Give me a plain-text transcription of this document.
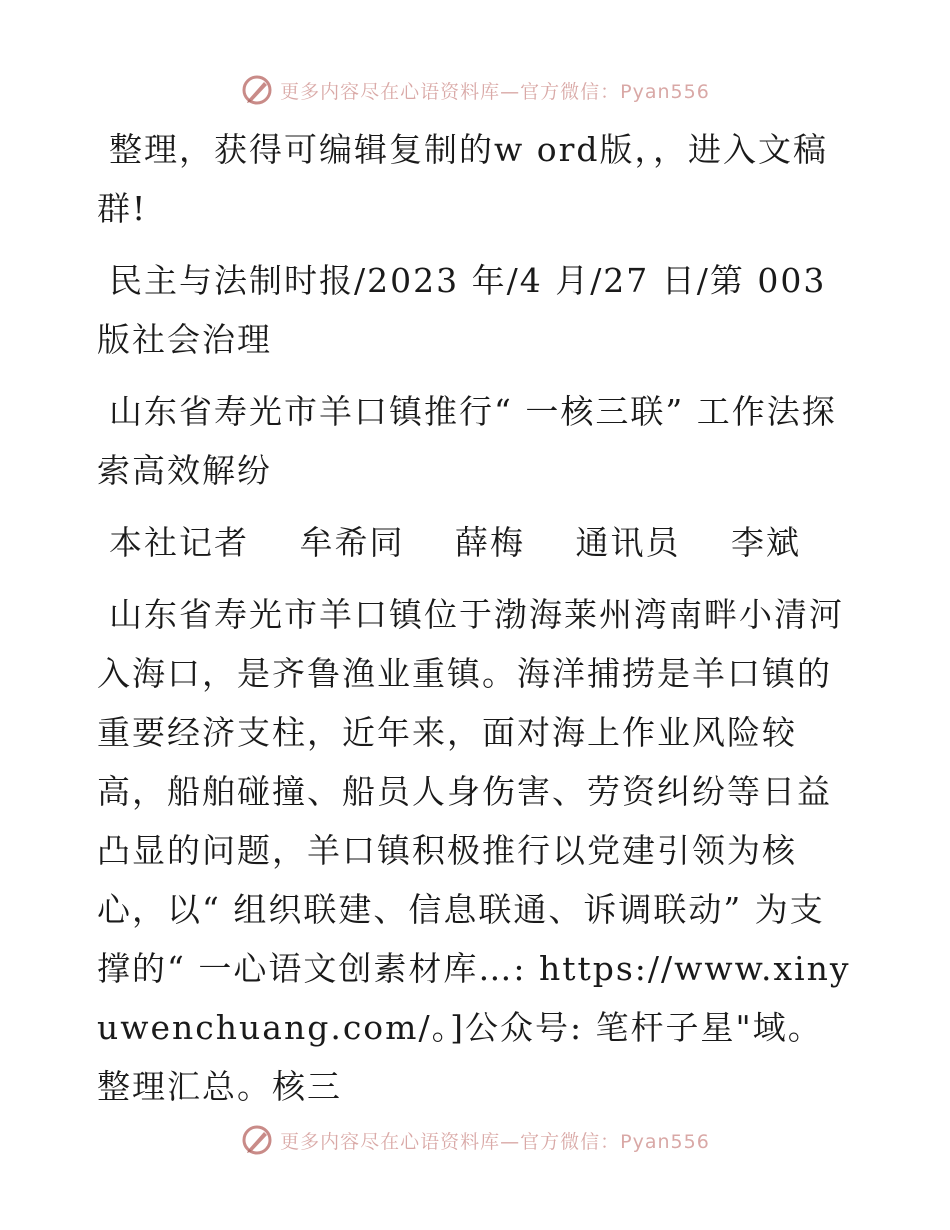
更多内容尽在心语资料库—官方微信：Pyan556

整理，获得可编辑复制的w ord版，，进入文稿群!

民主与法制时报/2023 年/4 月/27 日/第 003 版社会治理

山东省寿光市羊口镇推行“ 一核三联” 工作法探索高效解纷

本社记者 牟希同 薛梅 通讯员 李斌

山东省寿光市羊口镇位于渤海莱州湾南畔小清河入海口，是齐鲁渔业重镇。海洋捕捞是羊口镇的重要经济支柱，近年来，面对海上作业风险较高，船舶碰撞、船员人身伤害、劳资纠纷等日益凸显的问题，羊口镇积极推行以党建引领为核心，以“ 组织联建、信息联通、诉调联动” 为支撑的“ 一心语文创素材库…: https://www.xinyuwenchuang.com/。]公众号: 笔杆子星"域。整理汇总。核三

更多内容尽在心语资料库—官方微信：Pyan556
